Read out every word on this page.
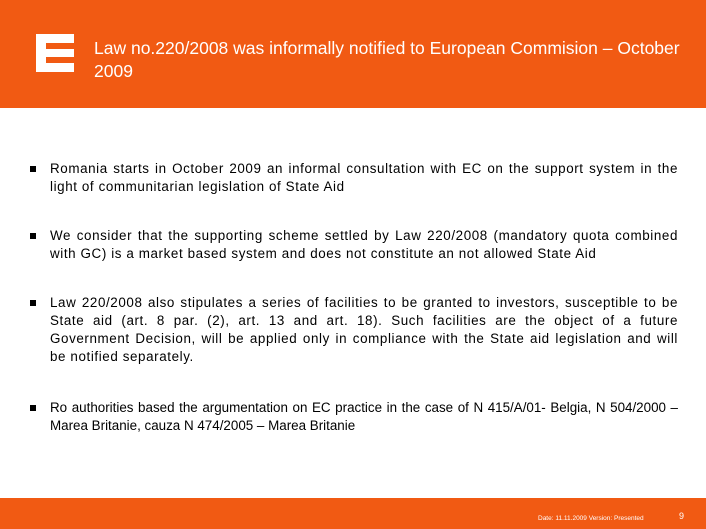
Law no.220/2008 was informally notified to European Commision – October 2009
Romania starts in October 2009 an informal consultation with EC on the support system in the light of communitarian legislation of State Aid
We consider that the supporting scheme settled by Law 220/2008 (mandatory quota combined with GC) is a market based system and does not constitute an not allowed State Aid
Law 220/2008 also stipulates a series of facilities to be granted to investors, susceptible to be State aid (art. 8 par. (2), art. 13 and art. 18). Such facilities are the object of a future Government Decision, will be applied only in compliance with the State aid legislation and will be notified separately.
Ro authorities based the argumentation on EC practice in the case of N 415/A/01- Belgia, N 504/2000 – Marea Britanie, cauza N 474/2005 – Marea Britanie
Date: 11.11.2009 Version: Presented	9
